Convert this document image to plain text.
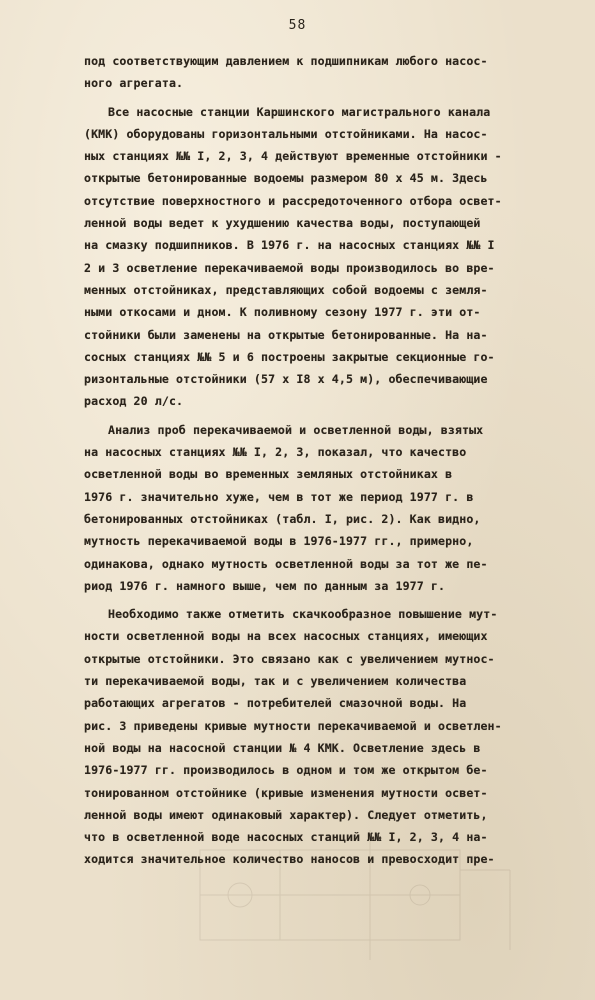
58
под соответствующим давлением к подшипникам любого насос-
ного агрегата.
Все насосные станции Каршинского магистрального канала
(КМК) оборудованы горизонтальными отстойниками. На насос-
ных станциях №№ I, 2, 3, 4 действуют временные отстойники -
открытые бетонированные водоемы размером 80 х 45 м. Здесь
отсутствие поверхностного и рассредоточенного отбора освет-
ленной воды ведет к ухудшению качества воды, поступающей
на смазку подшипников. В 1976 г. на насосных станциях №№ I
2 и 3 осветление перекачиваемой воды производилось во вре-
менных отстойниках, представляющих собой водоемы с земля-
ными откосами и дном. К поливному сезону 1977 г. эти от-
стойники были заменены на открытые бетонированные. На на-
сосных станциях №№ 5 и 6 построены закрытые секционные го-
ризонтальные отстойники (57 х I8 х 4,5 м), обеспечивающие
расход 20 л/с.
Анализ проб перекачиваемой и осветленной воды, взятых
на насосных станциях №№ I, 2, 3, показал, что качество
осветленной воды во временных земляных отстойниках в
1976 г. значительно хуже, чем в тот же период 1977 г. в
бетонированных отстойниках (табл. I, рис. 2). Как видно,
мутность перекачиваемой воды в 1976-1977 гг., примерно,
одинакова, однако мутность осветленной воды за тот же пе-
риод 1976 г. намного выше, чем по данным за 1977 г.
Необходимо также отметить скачкообразное повышение мут-
ности осветленной воды на всех насосных станциях, имеющих
открытые отстойники. Это связано как с увеличением мутнос-
ти перекачиваемой воды, так и с увеличением количества
работающих агрегатов - потребителей смазочной воды. На
рис. 3 приведены кривые мутности перекачиваемой и осветлен-
ной воды на насосной станции № 4 КМК. Осветление здесь в
1976-1977 гг. производилось в одном и том же открытом бе-
тонированном отстойнике (кривые изменения мутности освет-
ленной воды имеют одинаковый характер). Следует отметить,
что в осветленной воде насосных станций №№ I, 2, 3, 4 на-
ходится значительное количество наносов и превосходит пре-
